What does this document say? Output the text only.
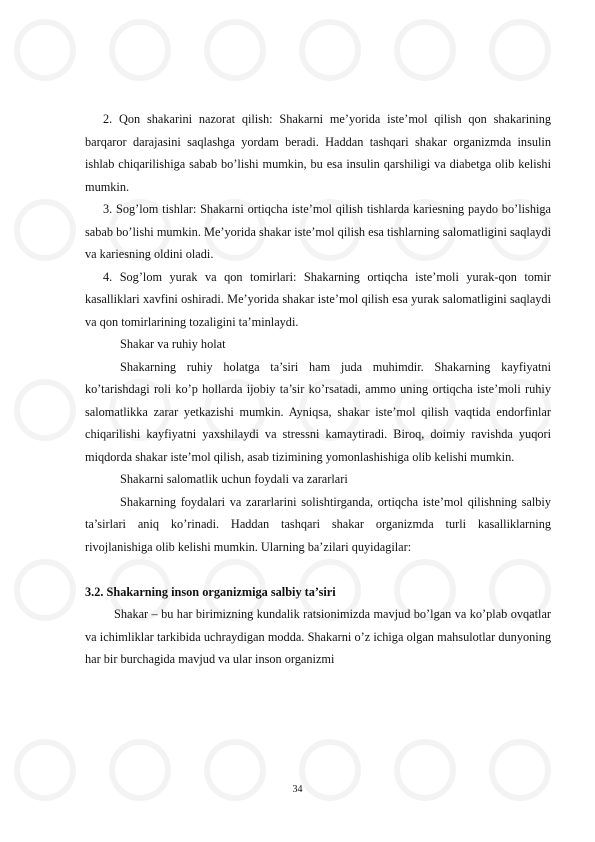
2. Qon shakarini nazorat qilish: Shakarni me’yorida iste’mol qilish qon shakarining barqaror darajasini saqlashga yordam beradi. Haddan tashqari shakar organizmda insulin ishlab chiqarilishiga sabab bo’lishi mumkin, bu esa insulin qarshiligi va diabetga olib kelishi mumkin.

3. Sog’lom tishlar: Shakarni ortiqcha iste’mol qilish tishlarda kariesning paydo bo’lishiga sabab bo’lishi mumkin. Me’yorida shakar iste’mol qilish esa tishlarning salomatligini saqlaydi va kariesning oldini oladi.

4. Sog’lom yurak va qon tomirlari: Shakarning ortiqcha iste’moli yurak-qon tomir kasalliklari xavfini oshiradi. Me’yorida shakar iste’mol qilish esa yurak salomatligini saqlaydi va qon tomirlarining tozaligini ta’minlaydi.

Shakar va ruhiy holat

Shakarning ruhiy holatga ta’siri ham juda muhimdir. Shakarning kayfiyatni ko’tarishdagi roli ko’p hollarda ijobiy ta’sir ko’rsatadi, ammo uning ortiqcha iste’moli ruhiy salomatlikka zarar yetkazishi mumkin. Ayniqsa, shakar iste’mol qilish vaqtida endorfinlar chiqarilishi kayfiyatni yaxshilaydi va stressni kamaytiradi. Biroq, doimiy ravishda yuqori miqdorda shakar iste’mol qilish, asab tizimining yomonlashishiga olib kelishi mumkin.

Shakarni salomatlik uchun foydali va zararlari

Shakarning foydalari va zararlarini solishtirganda, ortiqcha iste’mol qilishning salbiy ta’sirlari aniq ko’rinadi. Haddan tashqari shakar organizmda turli kasalliklarning rivojlanishiga olib kelishi mumkin. Ularning ba’zilari quyidagilar:

3.2. Shakarning inson organizmiga salbiy ta’siri

Shakar – bu har birimizning kundalik ratsionimizda mavjud bo’lgan va ko’plab ovqatlar va ichimliklar tarkibida uchraydigan modda. Shakarni o’z ichiga olgan mahsulotlar dunyoning har bir burchagida mavjud va ular inson organizmi

34
